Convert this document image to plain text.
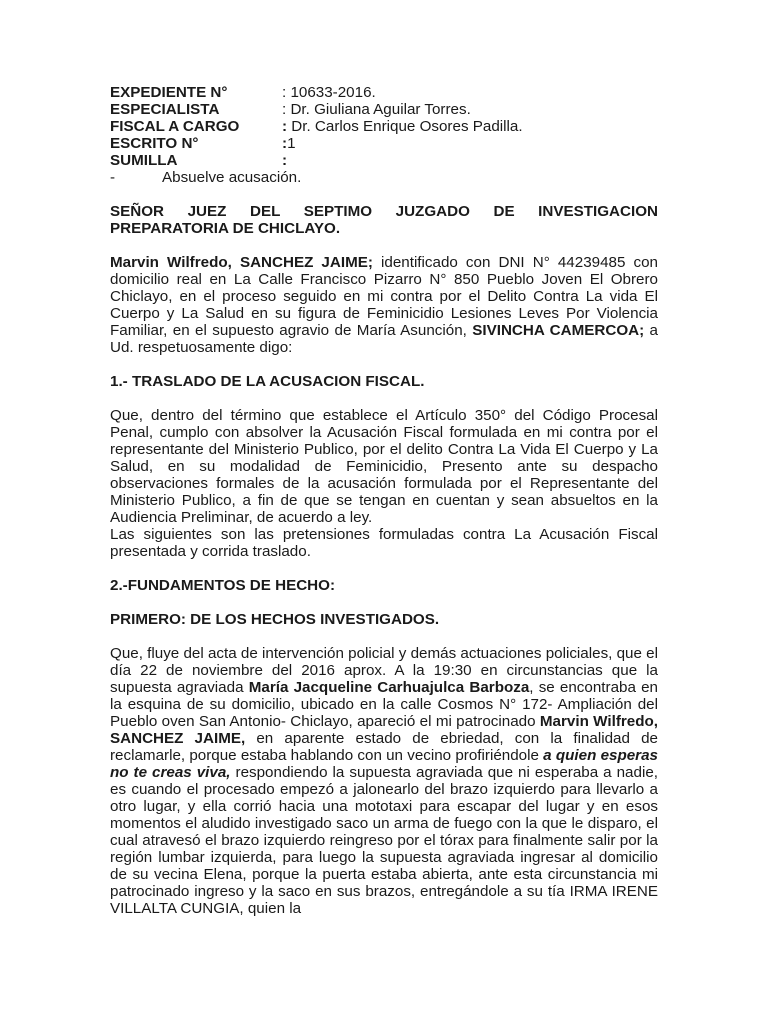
EXPEDIENTE N°	: 10633-2016.
ESPECIALISTA	: Dr. Giuliana Aguilar Torres.
FISCAL A CARGO	: Dr. Carlos Enrique Osores Padilla.
ESCRITO N°	:1
SUMILLA	:
-	Absuelve acusación.

SEÑOR JUEZ DEL SEPTIMO JUZGADO DE INVESTIGACION PREPARATORIA DE CHICLAYO.

Marvin Wilfredo, SANCHEZ JAIME; identificado con DNI N° 44239485 con domicilio real en La Calle Francisco Pizarro N° 850 Pueblo Joven El Obrero Chiclayo, en el proceso seguido en mi contra por el Delito Contra La vida El Cuerpo y La Salud en su figura de Feminicidio Lesiones Leves Por Violencia Familiar, en el supuesto agravio de María Asunción, SIVINCHA CAMERCOA; a Ud. respetuosamente digo:

1.- TRASLADO DE LA ACUSACION FISCAL.

Que, dentro del término que establece el Artículo 350° del Código Procesal Penal, cumplo con absolver la Acusación Fiscal formulada en mi contra por el representante del Ministerio Publico, por el delito Contra La Vida El Cuerpo y La Salud, en su modalidad de Feminicidio, Presento ante su despacho observaciones formales de la acusación formulada por el Representante del Ministerio Publico, a fin de que se tengan en cuentan y sean absueltos en la Audiencia Preliminar, de acuerdo a ley.

Las siguientes son las pretensiones formuladas contra La Acusación Fiscal presentada y corrida traslado.

2.-FUNDAMENTOS DE HECHO:

PRIMERO: DE LOS HECHOS INVESTIGADOS.

Que, fluye del acta de intervención policial y demás actuaciones policiales, que el día 22 de noviembre del 2016 aprox. A la 19:30 en circunstancias que la supuesta agraviada María Jacqueline Carhuajulca Barboza, se encontraba en la esquina de su domicilio, ubicado en la calle Cosmos N° 172- Ampliación del Pueblo oven San Antonio- Chiclayo, apareció el mi patrocinado Marvin Wilfredo, SANCHEZ JAIME, en aparente estado de ebriedad, con la finalidad de reclamarle, porque estaba hablando con un vecino profiriéndole a quien esperas no te creas viva, respondiendo la supuesta agraviada que ni esperaba a nadie, es cuando el procesado empezó a jalonearlo del brazo izquierdo para llevarlo a otro lugar, y ella corrió hacia una mototaxi para escapar del lugar y en esos momentos el aludido investigado saco un arma de fuego con la que le disparo, el cual atravesó el brazo izquierdo reingreso por el tórax para finalmente salir por la región lumbar izquierda, para luego la supuesta agraviada ingresar al domicilio de su vecina Elena, porque la puerta estaba abierta, ante esta circunstancia mi patrocinado ingreso y la saco en sus brazos, entregándole a su tía IRMA IRENE VILLALTA CUNGIA, quien la
